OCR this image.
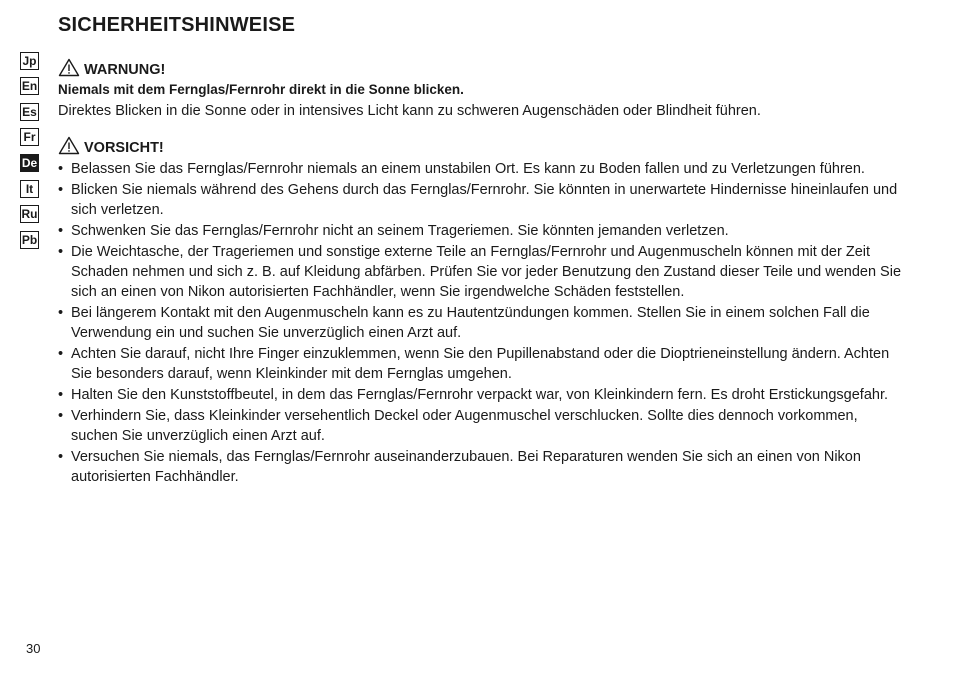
SICHERHEITSHINWEISE
Jp
En
Es
Fr
De
It
Ru
Pb
WARNUNG!
Niemals mit dem Fernglas/Fernrohr direkt in die Sonne blicken.
Direktes Blicken in die Sonne oder in intensives Licht kann zu schweren Augenschäden oder Blindheit führen.
VORSICHT!
• Belassen Sie das Fernglas/Fernrohr niemals an einem unstabilen Ort. Es kann zu Boden fallen und zu Verletzungen führen.
• Blicken Sie niemals während des Gehens durch das Fernglas/Fernrohr. Sie könnten in unerwartete Hindernisse hineinlaufen und sich verletzen.
• Schwenken Sie das Fernglas/Fernrohr nicht an seinem Trageriemen. Sie könnten jemanden verletzen.
• Die Weichtasche, der Trageriemen und sonstige externe Teile an Fernglas/Fernrohr und Augenmuscheln können mit der Zeit Schaden nehmen und sich z. B. auf Kleidung abfärben. Prüfen Sie vor jeder Benutzung den Zustand dieser Teile und wenden Sie sich an einen von Nikon autorisierten Fachhändler, wenn Sie irgendwelche Schäden feststellen.
• Bei längerem Kontakt mit den Augenmuscheln kann es zu Hautentzündungen kommen. Stellen Sie in einem solchen Fall die Verwendung ein und suchen Sie unverzüglich einen Arzt auf.
• Achten Sie darauf, nicht Ihre Finger einzuklemmen, wenn Sie den Pupillenabstand oder die Dioptrieneinstellung ändern. Achten Sie besonders darauf, wenn Kleinkinder mit dem Fernglas umgehen.
• Halten Sie den Kunststoffbeutel, in dem das Fernglas/Fernrohr verpackt war, von Kleinkindern fern. Es droht Erstickungsgefahr.
• Verhindern Sie, dass Kleinkinder versehentlich Deckel oder Augenmuschel verschlucken. Sollte dies dennoch vorkommen, suchen Sie unverzüglich einen Arzt auf.
• Versuchen Sie niemals, das Fernglas/Fernrohr auseinanderzubauen. Bei Reparaturen wenden Sie sich an einen von Nikon autorisierten Fachhändler.
30
